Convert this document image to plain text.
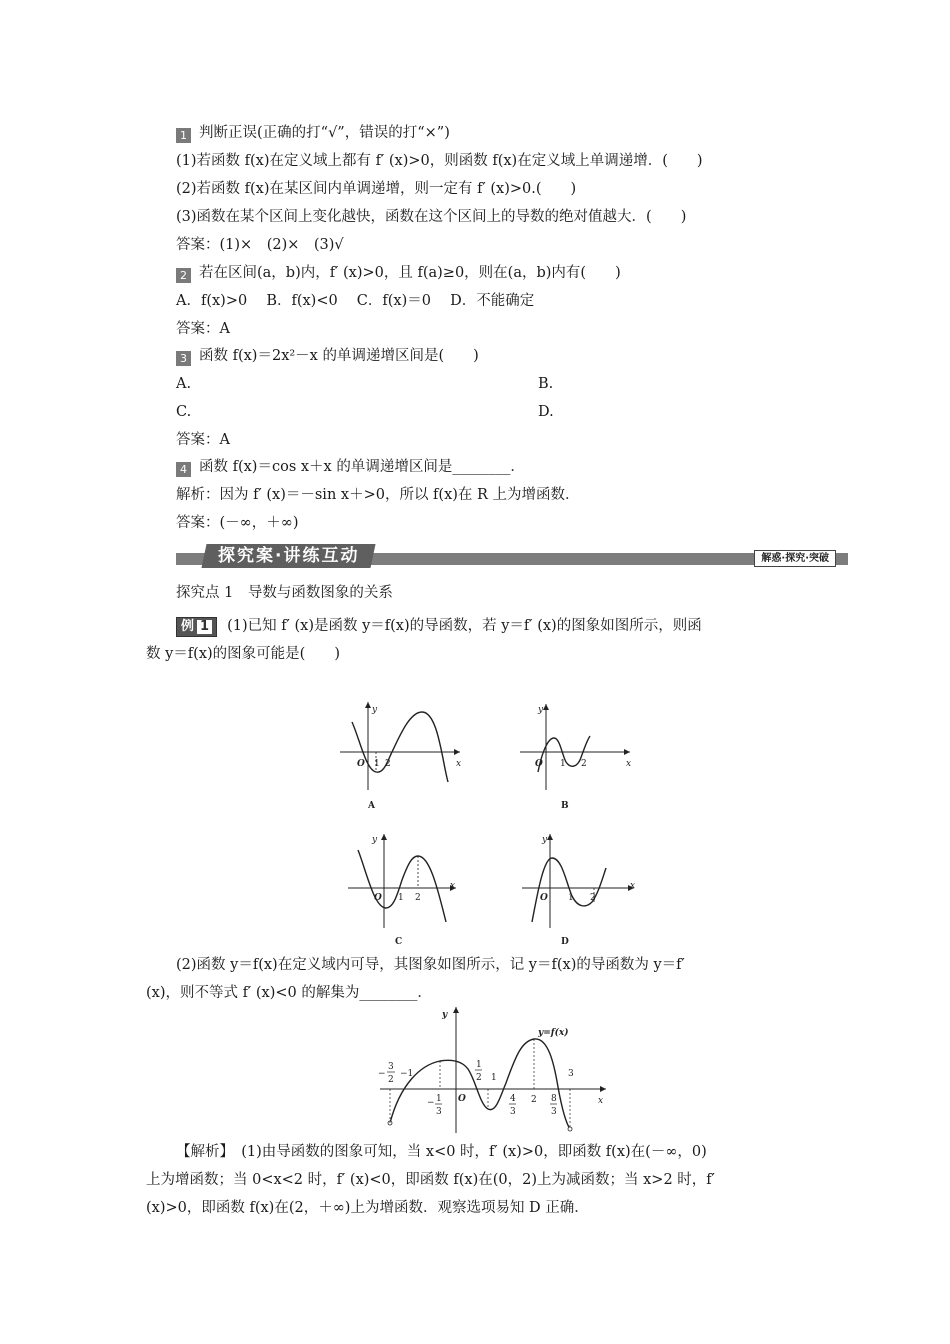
1 判断正误(正确的打“√”，错误的打“×”)
(1)若函数 f(x)在定义域上都有 f′ (x)>0，则函数 f(x)在定义域上单调递增．(　　)
(2)若函数 f(x)在某区间内单调递增，则一定有 f′ (x)>0.(　　)
(3)函数在某个区间上变化越快，函数在这个区间上的导数的绝对值越大．(　　)
答案：(1)×　(2)×　(3)√
2 若在区间(a，b)内，f′ (x)>0，且 f(a)≥0，则在(a，b)内有(　　)
A．f(x)>0　 B．f(x)<0　 C．f(x)＝0　 D．不能确定
答案：A
3 函数 f(x)＝2x²－x 的单调递增区间是(　　)
A.	B.
C.	D.
答案：A
4 函数 f(x)＝cos x＋x 的单调递增区间是________．
解析：因为 f′ (x)＝－sin x＋>0，所以 f(x)在 R 上为增函数．
答案：(－∞，＋∞)
探究案·讲练互动	解惑·探究·突破
探究点 1　导数与函数图象的关系
例 1 (1)已知 f′ (x)是函数 y＝f(x)的导函数，若 y＝f′ (x)的图象如图所示，则函
数 y＝f(x)的图象可能是(　　)
y
x
O 1 2
A
y
x
O 1 2
B
y
x
O 1 2
C
y
x
O 1 2
D
(2)函数 y＝f(x)在定义域内可导，其图象如图所示，记 y＝f(x)的导函数为 y＝f′
(x)，则不等式 f′ (x)<0 的解集为________．
y=f(x)
y
x
O
−
3
2
−1
− 1
3
1
2 1
4
3
2 8
3
3
【解析】　(1)由导函数的图象可知，当 x<0 时，f′ (x)>0，即函数 f(x)在(－∞，0)
上为增函数；当 0<x<2 时，f′ (x)<0，即函数 f(x)在(0，2)上为减函数；当 x>2 时，f′
(x)>0，即函数 f(x)在(2，＋∞)上为增函数．观察选项易知 D 正确．
